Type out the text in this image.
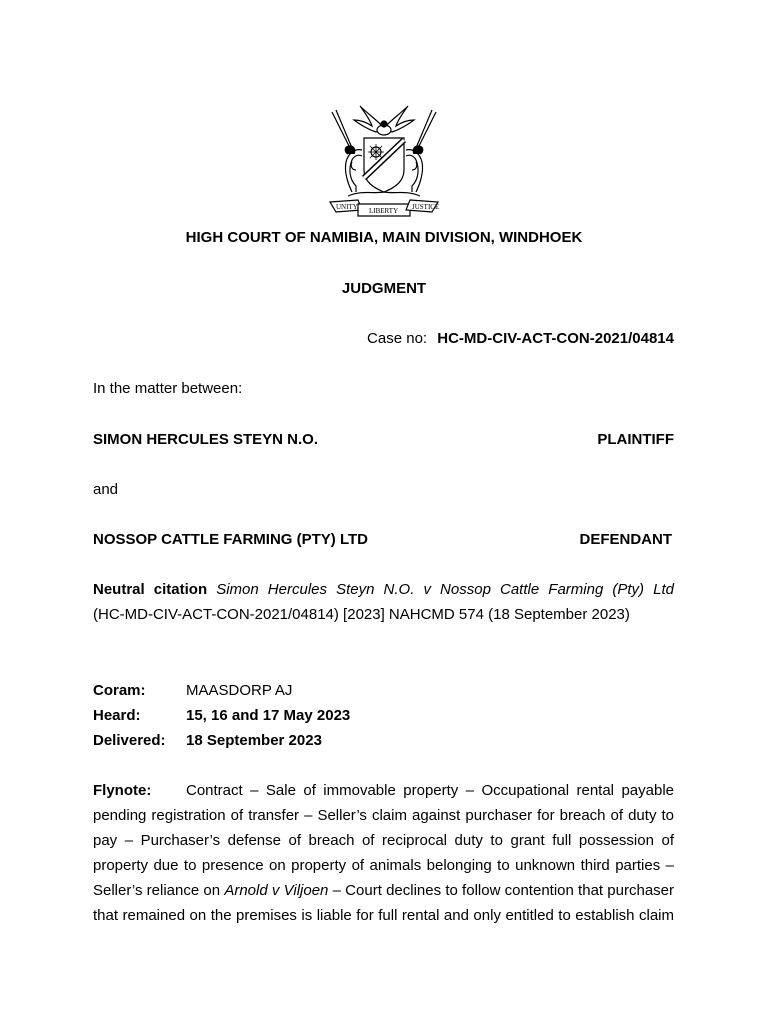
UNITY LIBERTY JUSTICE
HIGH COURT OF NAMIBIA, MAIN DIVISION, WINDHOEK
JUDGMENT
Case no: HC-MD-CIV-ACT-CON-2021/04814
In the matter between:
SIMON HERCULES STEYN N.O.	PLAINTIFF
and
NOSSOP CATTLE FARMING (PTY) LTD	DEFENDANT
Neutral citation Simon Hercules Steyn N.O. v Nossop Cattle Farming (Pty) Ltd
(HC-MD-CIV-ACT-CON-2021/04814) [2023] NAHCMD 574 (18 September 2023)
Coram:	MAASDORP AJ
Heard:	15, 16 and 17 May 2023
Delivered: 18 September 2023
Flynote: Contract – Sale of immovable property – Occupational rental payable
pending registration of transfer – Seller’s claim against purchaser for breach of duty to
pay – Purchaser’s defense of breach of reciprocal duty to grant full possession of
property due to presence on property of animals belonging to unknown third parties –
Seller’s reliance on Arnold v Viljoen – Court declines to follow contention that purchaser
that remained on the premises is liable for full rental and only entitled to establish claim
